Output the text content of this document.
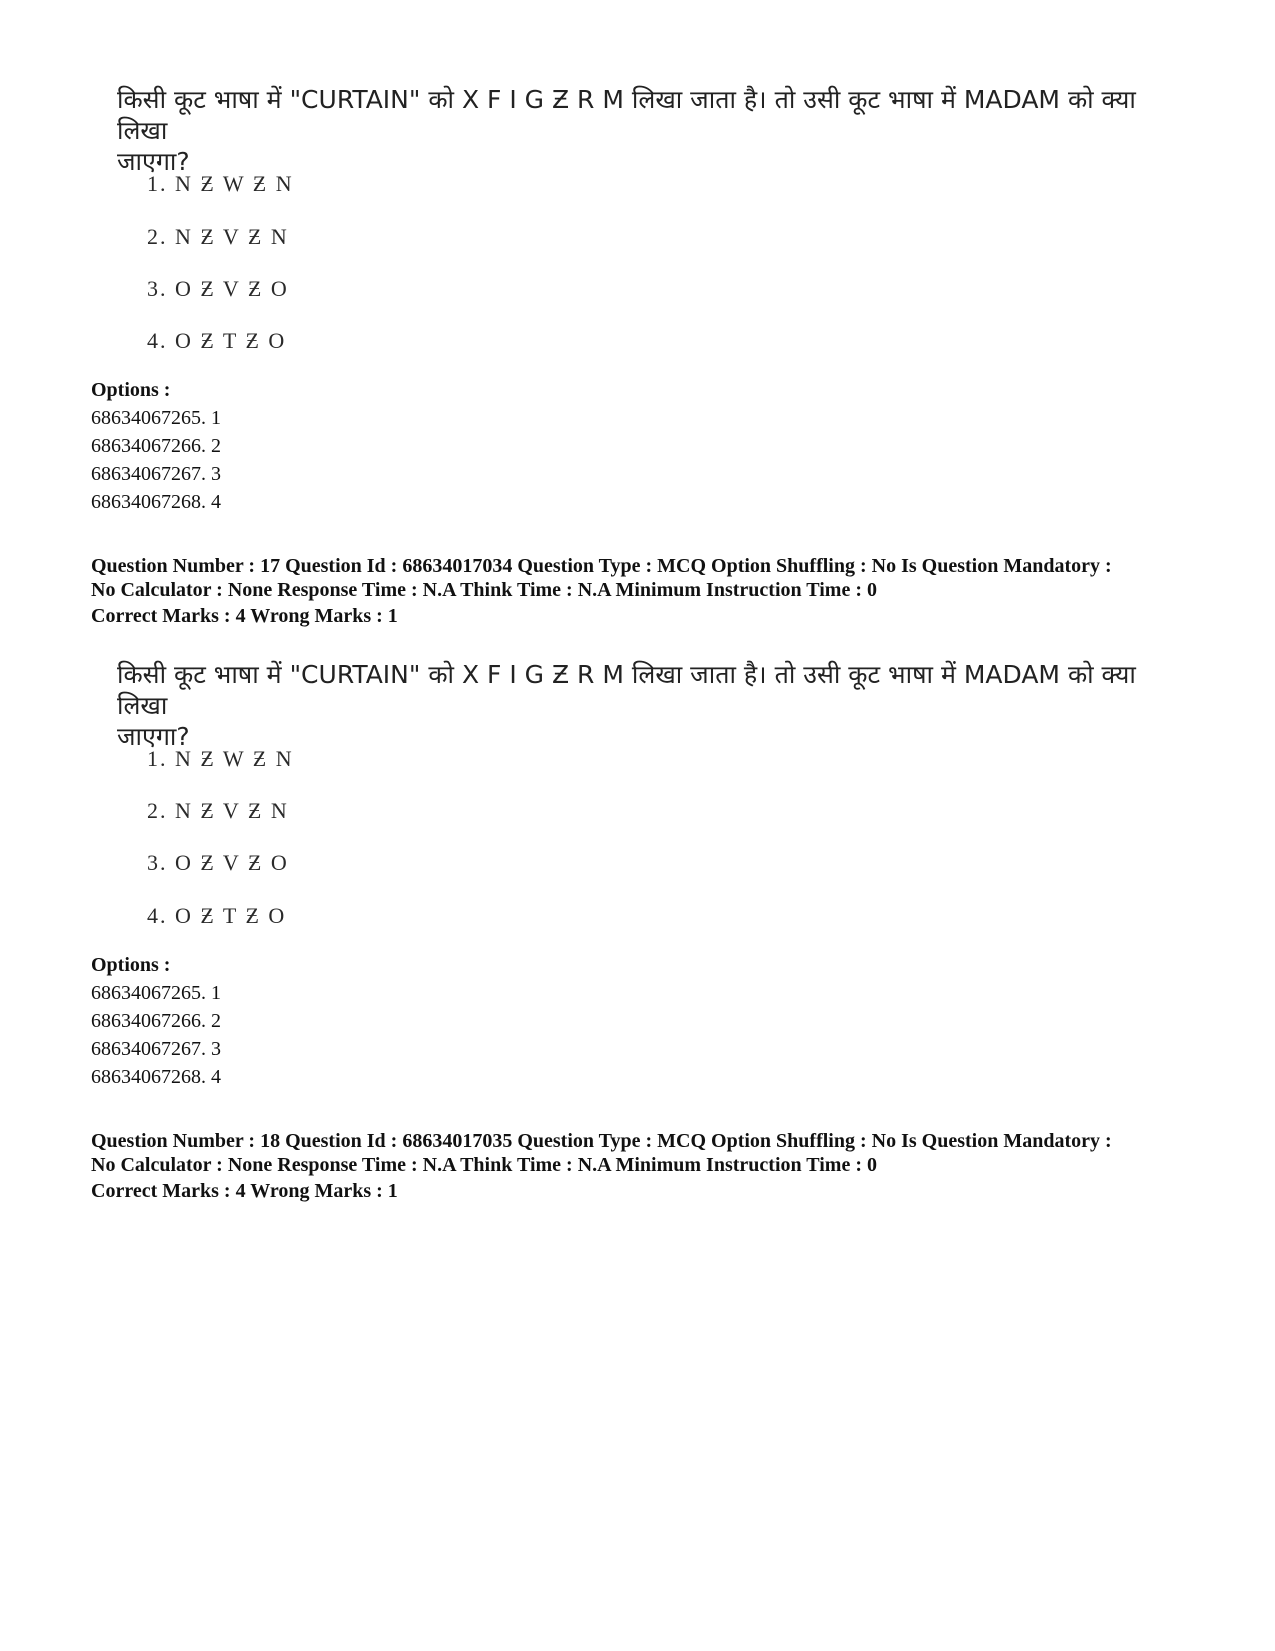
किसी कूट भाषा में "CURTAIN" को X F I G Ƶ R M लिखा जाता है। तो उसी कूट भाषा में MADAM को क्या लिखा
जाएगा?
1. N Ƶ W Ƶ N
2. N Ƶ V Ƶ N
3. O Ƶ V Ƶ O
4. O Ƶ T Ƶ O
Options :
68634067265. 1
68634067266. 2
68634067267. 3
68634067268. 4
Question Number : 17 Question Id : 68634017034 Question Type : MCQ Option Shuffling : No Is Question Mandatory :
No Calculator : None Response Time : N.A Think Time : N.A Minimum Instruction Time : 0
Correct Marks : 4 Wrong Marks : 1
किसी कूट भाषा में "CURTAIN" को X F I G Ƶ R M लिखा जाता है। तो उसी कूट भाषा में MADAM को क्या लिखा
जाएगा?
1. N Ƶ W Ƶ N
2. N Ƶ V Ƶ N
3. O Ƶ V Ƶ O
4. O Ƶ T Ƶ O
Options :
68634067265. 1
68634067266. 2
68634067267. 3
68634067268. 4
Question Number : 18 Question Id : 68634017035 Question Type : MCQ Option Shuffling : No Is Question Mandatory :
No Calculator : None Response Time : N.A Think Time : N.A Minimum Instruction Time : 0
Correct Marks : 4 Wrong Marks : 1
